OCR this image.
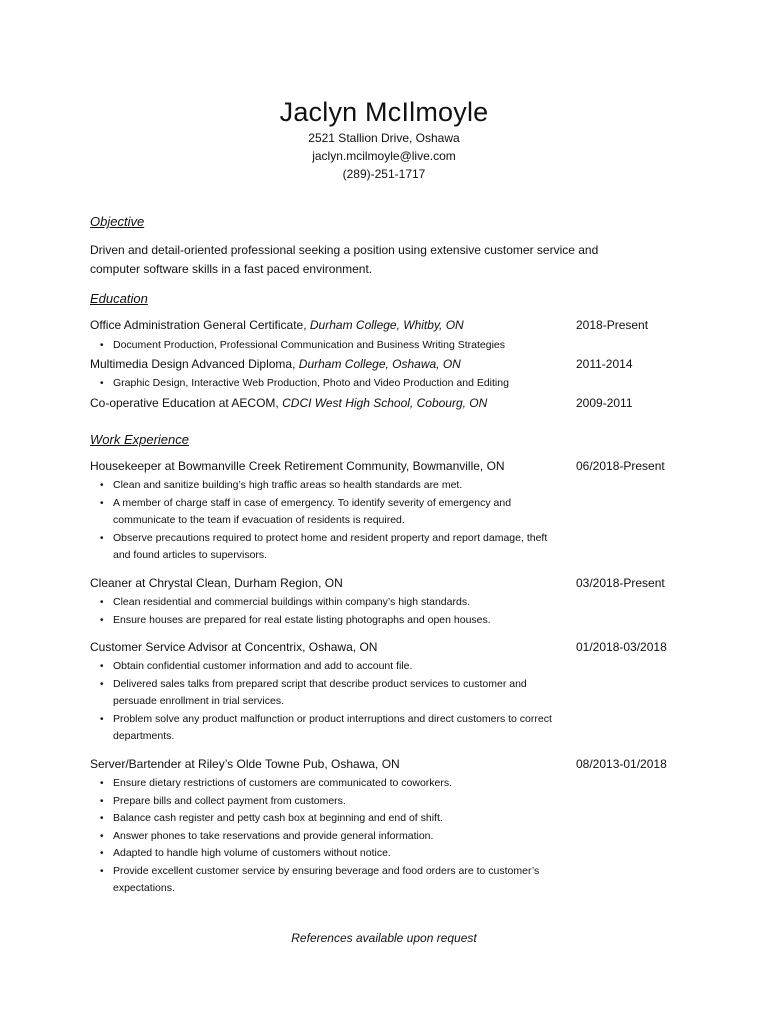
Jaclyn McIlmoyle
2521 Stallion Drive, Oshawa
jaclyn.mcilmoyle@live.com
(289)-251-1717
Objective
Driven and detail-oriented professional seeking a position using extensive customer service and computer software skills in a fast paced environment.
Education
Office Administration General Certificate, Durham College, Whitby, ON	2018-Present
• Document Production, Professional Communication and Business Writing Strategies
Multimedia Design Advanced Diploma, Durham College, Oshawa, ON	2011-2014
• Graphic Design, Interactive Web Production, Photo and Video Production and Editing
Co-operative Education at AECOM, CDCI West High School, Cobourg, ON	2009-2011
Work Experience
Housekeeper at Bowmanville Creek Retirement Community, Bowmanville, ON	06/2018-Present
• Clean and sanitize building’s high traffic areas so health standards are met.
• A member of charge staff in case of emergency. To identify severity of emergency and communicate to the team if evacuation of residents is required.
• Observe precautions required to protect home and resident property and report damage, theft and found articles to supervisors.
Cleaner at Chrystal Clean, Durham Region, ON	03/2018-Present
• Clean residential and commercial buildings within company’s high standards.
• Ensure houses are prepared for real estate listing photographs and open houses.
Customer Service Advisor at Concentrix, Oshawa, ON	01/2018-03/2018
• Obtain confidential customer information and add to account file.
• Delivered sales talks from prepared script that describe product services to customer and persuade enrollment in trial services.
• Problem solve any product malfunction or product interruptions and direct customers to correct departments.
Server/Bartender at Riley’s Olde Towne Pub, Oshawa, ON	08/2013-01/2018
• Ensure dietary restrictions of customers are communicated to coworkers.
• Prepare bills and collect payment from customers.
• Balance cash register and petty cash box at beginning and end of shift.
• Answer phones to take reservations and provide general information.
• Adapted to handle high volume of customers without notice.
• Provide excellent customer service by ensuring beverage and food orders are to customer’s expectations.
References available upon request
